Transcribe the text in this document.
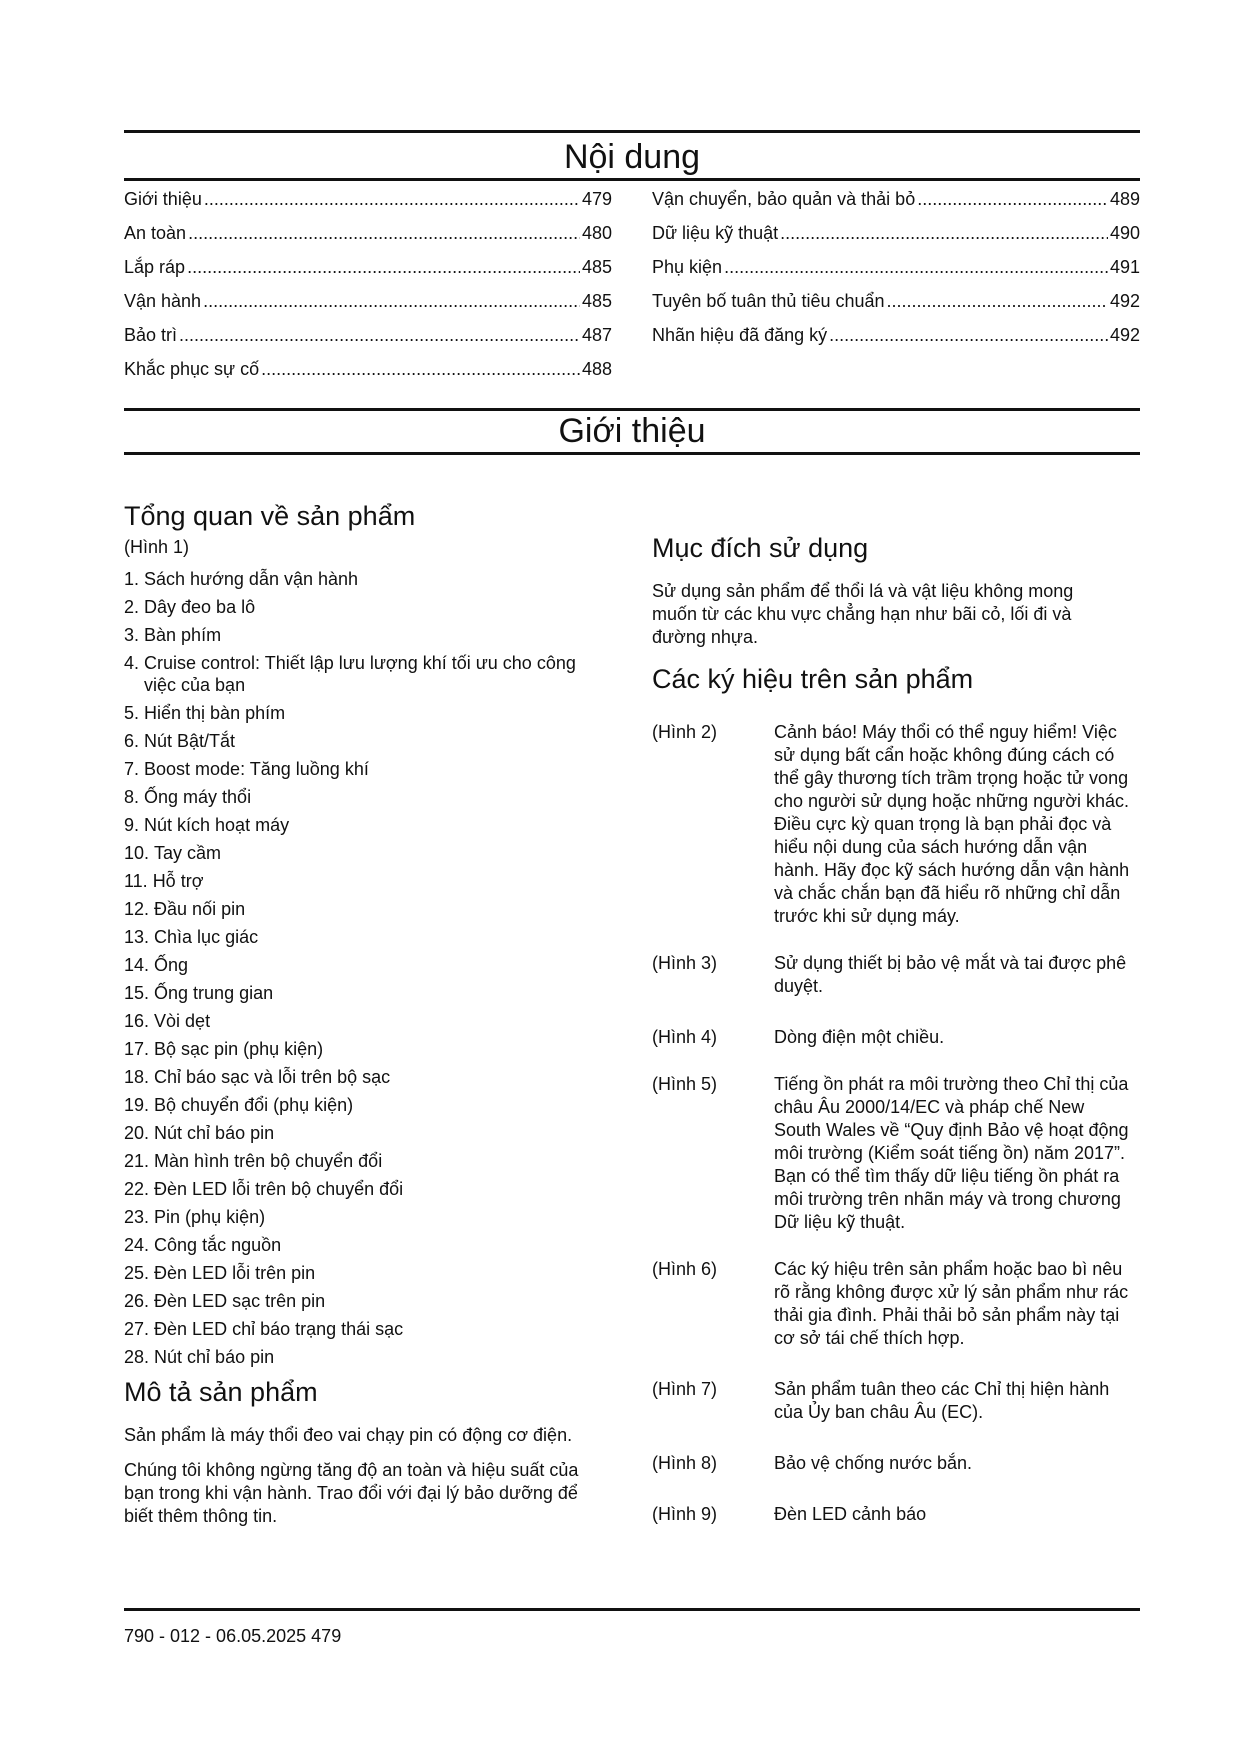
Nội dung
Giới thiệu .....	479
An toàn .....	480
Lắp ráp .....	485
Vận hành .....	485
Bảo trì .....	487
Khắc phục sự cố .....	488
Vận chuyển, bảo quản và thải bỏ .....	489
Dữ liệu kỹ thuật .....	490
Phụ kiện .....	491
Tuyên bố tuân thủ tiêu chuẩn .....	492
Nhãn hiệu đã đăng ký .....	492
Giới thiệu
Tổng quan về sản phẩm
(Hình 1)
1. Sách hướng dẫn vận hành
2. Dây đeo ba lô
3. Bàn phím
4. Cruise control: Thiết lập lưu lượng khí tối ưu cho công việc của bạn
5. Hiển thị bàn phím
6. Nút Bật/Tắt
7. Boost mode: Tăng luồng khí
8. Ống máy thổi
9. Nút kích hoạt máy
10. Tay cầm
11. Hỗ trợ
12. Đầu nối pin
13. Chìa lục giác
14. Ống
15. Ống trung gian
16. Vòi dẹt
17. Bộ sạc pin (phụ kiện)
18. Chỉ báo sạc và lỗi trên bộ sạc
19. Bộ chuyển đổi (phụ kiện)
20. Nút chỉ báo pin
21. Màn hình trên bộ chuyển đổi
22. Đèn LED lỗi trên bộ chuyển đổi
23. Pin (phụ kiện)
24. Công tắc nguồn
25. Đèn LED lỗi trên pin
26. Đèn LED sạc trên pin
27. Đèn LED chỉ báo trạng thái sạc
28. Nút chỉ báo pin
Mô tả sản phẩm

Sản phẩm là máy thổi đeo vai chạy pin có động cơ điện.

Chúng tôi không ngừng tăng độ an toàn và hiệu suất của bạn trong khi vận hành. Trao đổi với đại lý bảo dưỡng để biết thêm thông tin.

Mục đích sử dụng

Sử dụng sản phẩm để thổi lá và vật liệu không mong muốn từ các khu vực chẳng hạn như bãi cỏ, lối đi và đường nhựa.

Các ký hiệu trên sản phẩm
(Hình 2)	Cảnh báo! Máy thổi có thể nguy hiểm! Việc sử dụng bất cẩn hoặc không đúng cách có thể gây thương tích trầm trọng hoặc tử vong cho người sử dụng hoặc những người khác. Điều cực kỳ quan trọng là bạn phải đọc và hiểu nội dung của sách hướng dẫn vận hành. Hãy đọc kỹ sách hướng dẫn vận hành và chắc chắn bạn đã hiểu rõ những chỉ dẫn trước khi sử dụng máy.
(Hình 3)	Sử dụng thiết bị bảo vệ mắt và tai được phê duyệt.
(Hình 4)	Dòng điện một chiều.
(Hình 5)	Tiếng ồn phát ra môi trường theo Chỉ thị của châu Âu 2000/14/EC và pháp chế New South Wales về “Quy định Bảo vệ hoạt động môi trường (Kiểm soát tiếng ồn) năm 2017”. Bạn có thể tìm thấy dữ liệu tiếng ồn phát ra môi trường trên nhãn máy và trong chương Dữ liệu kỹ thuật.
(Hình 6)	Các ký hiệu trên sản phẩm hoặc bao bì nêu rõ rằng không được xử lý sản phẩm như rác thải gia đình. Phải thải bỏ sản phẩm này tại cơ sở tái chế thích hợp.
(Hình 7)	Sản phẩm tuân theo các Chỉ thị hiện hành của Ủy ban châu Âu (EC).
(Hình 8)	Bảo vệ chống nước bắn.
(Hình 9)	Đèn LED cảnh báo
790 - 012 - 06.05.2025 479
